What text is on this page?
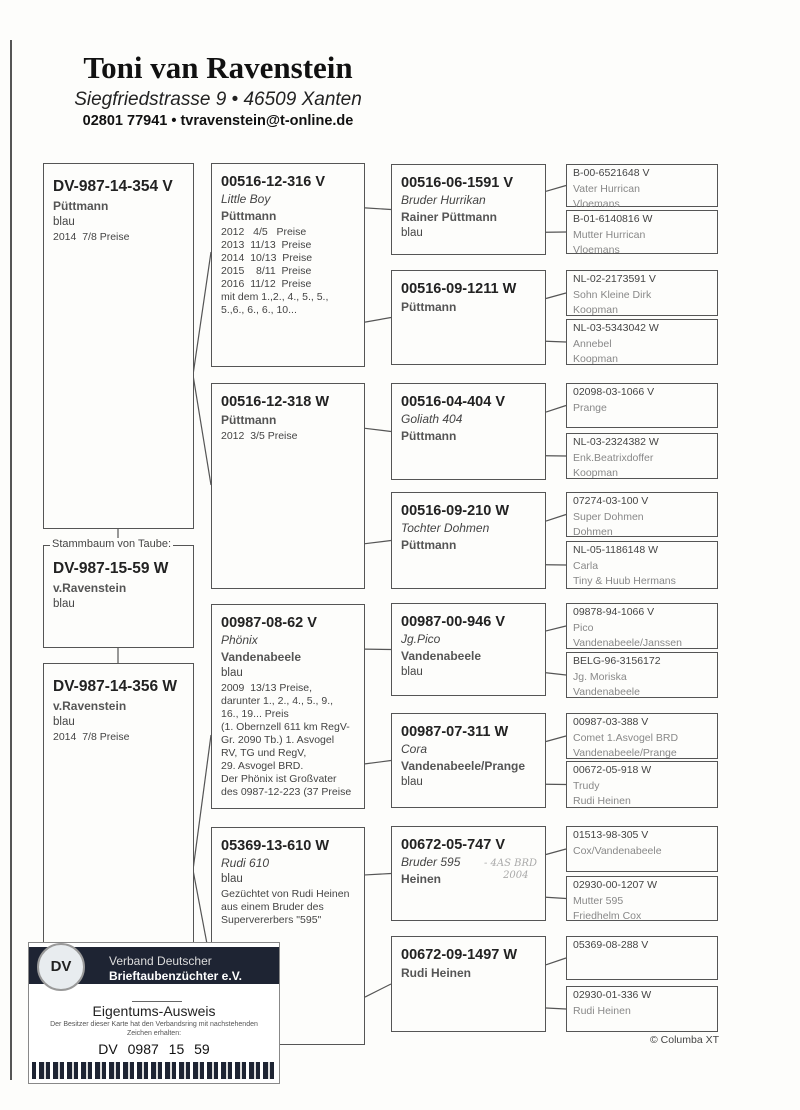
Toni van Ravenstein
Siegfriedstrasse 9 • 46509 Xanten
02801 77941 • tvravenstein@t-online.de
DV-987-14-354 V
Püttmann
blau
2014  7/8 Preise
DV-987-14-356 W
v.Ravenstein
blau
2014  7/8 Preise
00516-12-316 V
Little Boy
Püttmann
2012   4/5   Preise
2013  11/13  Preise
2014  10/13  Preise
2015    8/11  Preise
2016  11/12  Preise
mit dem 1.,2., 4., 5., 5.,
5.,6., 6., 6., 10...
00516-12-318 W
Püttmann
2012  3/5 Preise
00987-08-62 V
Phönix
Vandenabeele
blau
2009  13/13 Preise,
darunter 1., 2., 4., 5., 9.,
16., 19... Preis
(1. Obernzell 611 km RegV-
Gr. 2090 Tb.) 1. Asvogel
RV, TG und RegV,
29. Asvogel BRD.
Der Phönix ist Großvater
des 0987-12-223 (37 Preise
05369-13-610 W
Rudi 610
blau
Gezüchtet von Rudi Heinen
aus einem Bruder des
Supervererbers "595"
00516-06-1591 V
Bruder Hurrikan
Rainer Püttmann
blau
00516-09-1211 W
Püttmann
00516-04-404 V
Goliath 404
Püttmann
00516-09-210 W
Tochter Dohmen
Püttmann
00987-00-946 V
Jg.Pico
Vandenabeele
blau
00987-07-311 W
Cora
Vandenabeele/Prange
blau
00672-05-747 V
Bruder 595
Heinen
00672-09-1497 W
Rudi Heinen
B-00-6521648 V
Vater Hurrican
Vloemans
B-01-6140816 W
Mutter Hurrican
Vloemans
NL-02-2173591 V
Sohn Kleine Dirk
Koopman
NL-03-5343042 W
Annebel
Koopman
02098-03-1066 V
Prange
NL-03-2324382 W
Enk.Beatrixdoffer
Koopman
07274-03-100 V
Super Dohmen
Dohmen
NL-05-1186148 W
Carla
Tiny & Huub Hermans
09878-94-1066 V
Pico
Vandenabeele/Janssen
BELG-96-3156172
Jg. Moriska
Vandenabeele
00987-03-388 V
Comet 1.Asvogel BRD
Vandenabeele/Prange
00672-05-918 W
Trudy
Rudi Heinen
01513-98-305 V
Cox/Vandenabeele
02930-00-1207 W
Mutter 595
Friedhelm Cox
05369-08-288 V
02930-01-336 W
Rudi Heinen
DV-987-15-59 W
v.Ravenstein
blau
Stammbaum von Taube:
- 4AS BRD
2004
© Columba XT
Verband Deutscher
Brieftaubenzüchter e.V.
DV
Eigentums-Ausweis
Der Besitzer dieser Karte hat den Verbandsring mit nachstehenden Zeichen erhalten:
DV 0987 15 59
